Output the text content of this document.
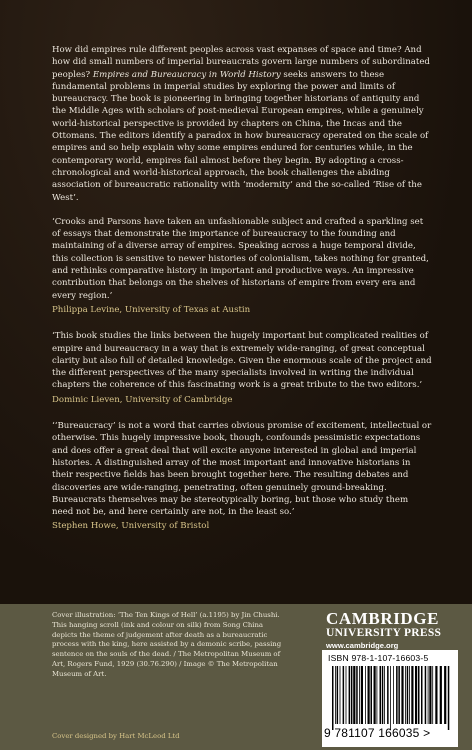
How did empires rule different peoples across vast expanses of space and time? And how did small numbers of imperial bureaucrats govern large numbers of subordinated peoples? Empires and Bureaucracy in World History seeks answers to these fundamental problems in imperial studies by exploring the power and limits of bureaucracy. The book is pioneering in bringing together historians of antiquity and the Middle Ages with scholars of post-medieval European empires, while a genuinely world-historical perspective is provided by chapters on China, the Incas and the Ottomans. The editors identify a paradox in how bureaucracy operated on the scale of empires and so help explain why some empires endured for centuries while, in the contemporary world, empires fail almost before they begin. By adopting a cross-chronological and world-historical approach, the book challenges the abiding association of bureaucratic rationality with ‘modernity’ and the so-called ‘Rise of the West’.

‘Crooks and Parsons have taken an unfashionable subject and crafted a sparkling set of essays that demonstrate the importance of bureaucracy to the founding and maintaining of a diverse array of empires. Speaking across a huge temporal divide, this collection is sensitive to newer histories of colonialism, takes nothing for granted, and rethinks comparative history in important and productive ways. An impressive contribution that belongs on the shelves of historians of empire from every era and every region.’

Philippa Levine, University of Texas at Austin

‘This book studies the links between the hugely important but complicated realities of empire and bureaucracy in a way that is extremely wide-ranging, of great conceptual clarity but also full of detailed knowledge. Given the enormous scale of the project and the different perspectives of the many specialists involved in writing the individual chapters the coherence of this fascinating work is a great tribute to the two editors.’

Dominic Lieven, University of Cambridge

‘‘Bureaucracy’ is not a word that carries obvious promise of excitement, intellectual or otherwise. This hugely impressive book, though, confounds pessimistic expectations and does offer a great deal that will excite anyone interested in global and imperial histories. A distinguished array of the most important and innovative historians in their respective fields has been brought together here. The resulting debates and discoveries are wide-ranging, penetrating, often genuinely ground-breaking. Bureaucrats themselves may be stereotypically boring, but those who study them need not be, and here certainly are not, in the least so.’

Stephen Howe, University of Bristol

Cover illustration: ‘The Ten Kings of Hell’ (a.1195) by Jin Chushi. This hanging scroll (ink and colour on silk) from Song China depicts the theme of judgement after death as a bureaucratic process with the king, here assisted by a demonic scribe, passing sentence on the souls of the dead. / The Metropolitan Museum of Art, Rogers Fund, 1929 (30.76.290) / Image © The Metropolitan Museum of Art.
Cover designed by Hart McLeod Ltd
CAMBRIDGE
UNIVERSITY PRESS
www.cambridge.org
ISBN 978-1-107-16603-5
9 781107 166035 >
